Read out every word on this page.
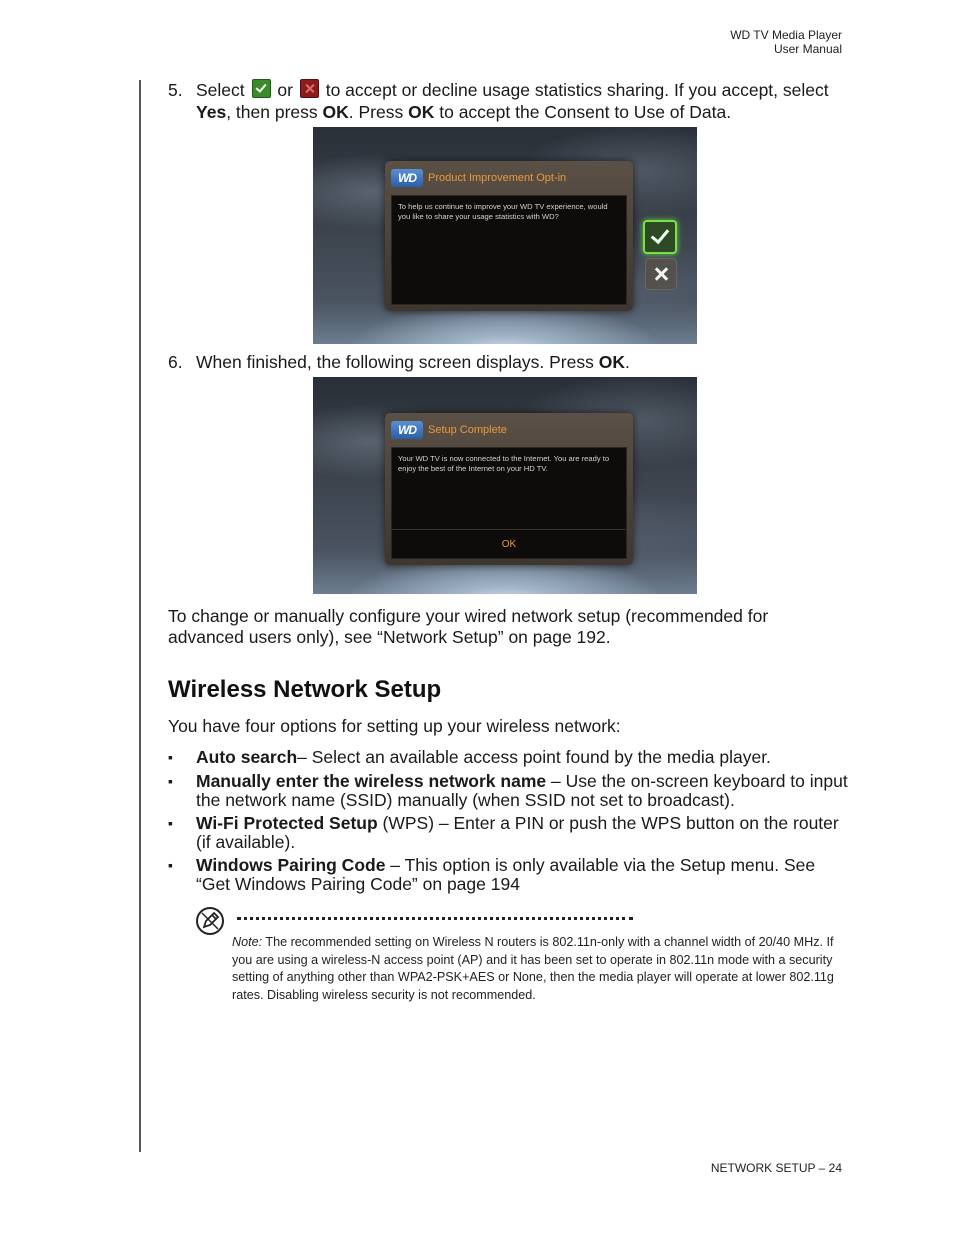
WD TV Media Player
User Manual
5. Select or to accept or decline usage statistics sharing. If you accept, select Yes, then press OK. Press OK to accept the Consent to Use of Data.
WD	Product Improvement Opt-in
To help us continue to improve your WD TV experience, would you like to share your usage statistics with WD?
6. When finished, the following screen displays. Press OK.
WD	Setup Complete
Your WD TV is now connected to the Internet. You are ready to enjoy the best of the Internet on your HD TV.
OK
To change or manually configure your wired network setup (recommended for advanced users only), see “Network Setup” on page 192.
Wireless Network Setup
You have four options for setting up your wireless network:
▪ Auto search– Select an available access point found by the media player.
▪ Manually enter the wireless network name – Use the on-screen keyboard to input the network name (SSID) manually (when SSID not set to broadcast).
▪ Wi-Fi Protected Setup (WPS) – Enter a PIN or push the WPS button on the router (if available).
▪ Windows Pairing Code – This option is only available via the Setup menu. See “Get Windows Pairing Code” on page 194
Note: The recommended setting on Wireless N routers is 802.11n-only with a channel width of 20/40 MHz. If you are using a wireless-N access point (AP) and it has been set to operate in 802.11n mode with a security setting of anything other than WPA2-PSK+AES or None, then the media player will operate at lower 802.11g rates. Disabling wireless security is not recommended.
NETWORK SETUP – 24
